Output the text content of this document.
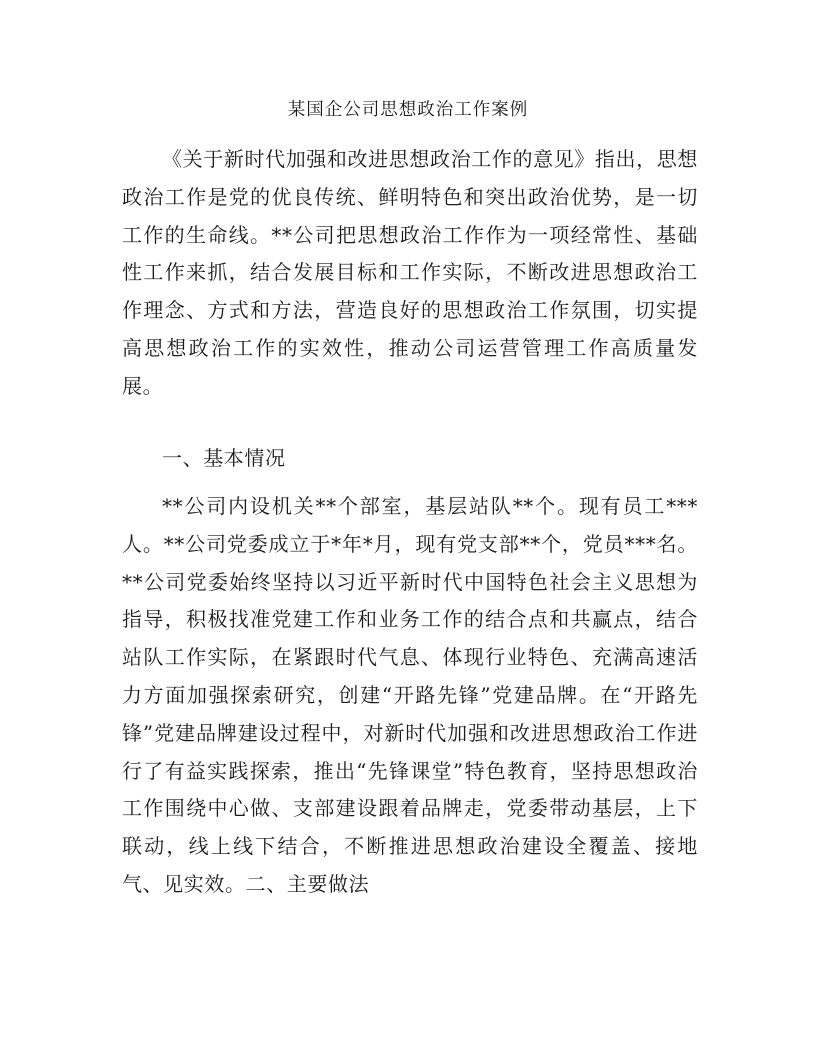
某国企公司思想政治工作案例

《关于新时代加强和改进思想政治工作的意见》指出，思想政治工作是党的优良传统、鲜明特色和突出政治优势，是一切工作的生命线。**公司把思想政治工作作为一项经常性、基础性工作来抓，结合发展目标和工作实际，不断改进思想政治工作理念、方式和方法，营造良好的思想政治工作氛围，切实提高思想政治工作的实效性，推动公司运营管理工作高质量发展。

一、基本情况

**公司内设机关**个部室，基层站队**个。现有员工***人。**公司党委成立于*年*月，现有党支部**个，党员***名。**公司党委始终坚持以习近平新时代中国特色社会主义思想为指导，积极找准党建工作和业务工作的结合点和共赢点，结合站队工作实际，在紧跟时代气息、体现行业特色、充满高速活力方面加强探索研究，创建“开路先锋”党建品牌。在“开路先锋”党建品牌建设过程中，对新时代加强和改进思想政治工作进行了有益实践探索，推出“先锋课堂”特色教育，坚持思想政治工作围绕中心做、支部建设跟着品牌走，党委带动基层，上下联动，线上线下结合，不断推进思想政治建设全覆盖、接地气、见实效。二、主要做法
